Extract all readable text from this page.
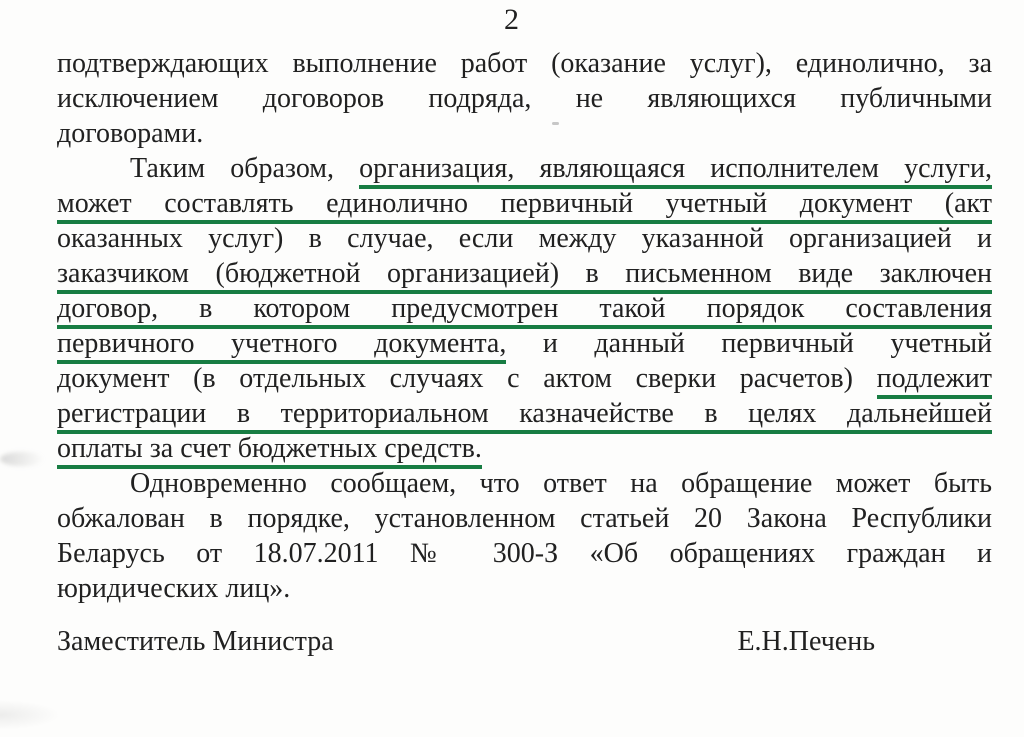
2
подтверждающих выполнение работ (оказание услуг), единолично, за
исключением договоров подряда, не являющихся публичными
договорами.
Таким образом, организация, являющаяся исполнителем услуги,
может составлять единолично первичный учетный документ (акт
оказанных услуг) в случае, если между указанной организацией и
заказчиком (бюджетной организацией) в письменном виде заключен
договор, в котором предусмотрен такой порядок составления
первичного учетного документа, и данный первичный учетный
документ (в отдельных случаях с актом сверки расчетов) подлежит
регистрации в территориальном казначействе в целях дальнейшей
оплаты за счет бюджетных средств.
Одновременно сообщаем, что ответ на обращение может быть
обжалован в порядке, установленном статьей 20 Закона Республики
Беларусь от 18.07.2011 № 300-З «Об обращениях граждан и
юридических лиц».
Заместитель Министра	Е.Н.Печень
